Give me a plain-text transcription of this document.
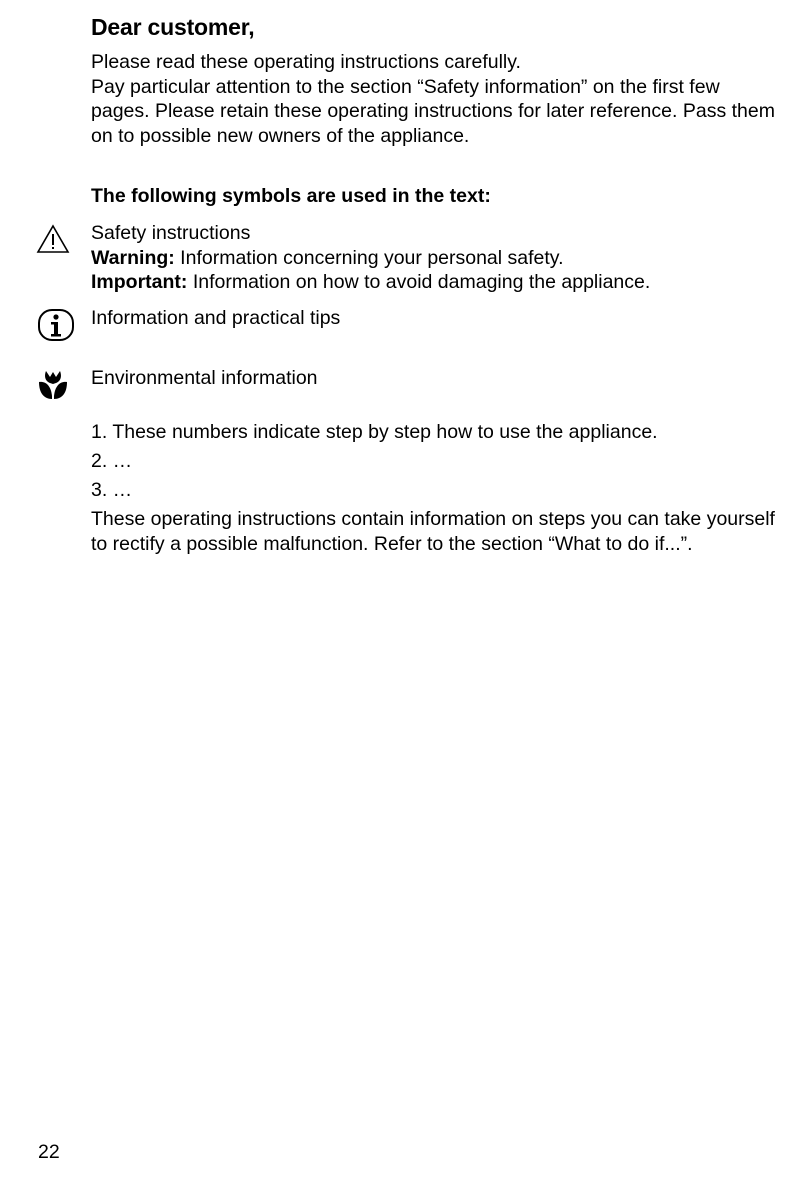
Dear customer,

Please read these operating instructions carefully.

Pay particular attention to the section “Safety information” on the first few pages. Please retain these operating instructions for later reference. Pass them on to possible new owners of the appliance.

The following symbols are used in the text:

Safety instructions

Warning: Information concerning your personal safety.

Important: Information on how to avoid damaging the appliance.

Information and practical tips

Environmental information

1. These numbers indicate step by step how to use the appliance.

2. …

3. …

These operating instructions contain information on steps you can take yourself to rectify a possible malfunction. Refer to the section “What to do if...”.

22
